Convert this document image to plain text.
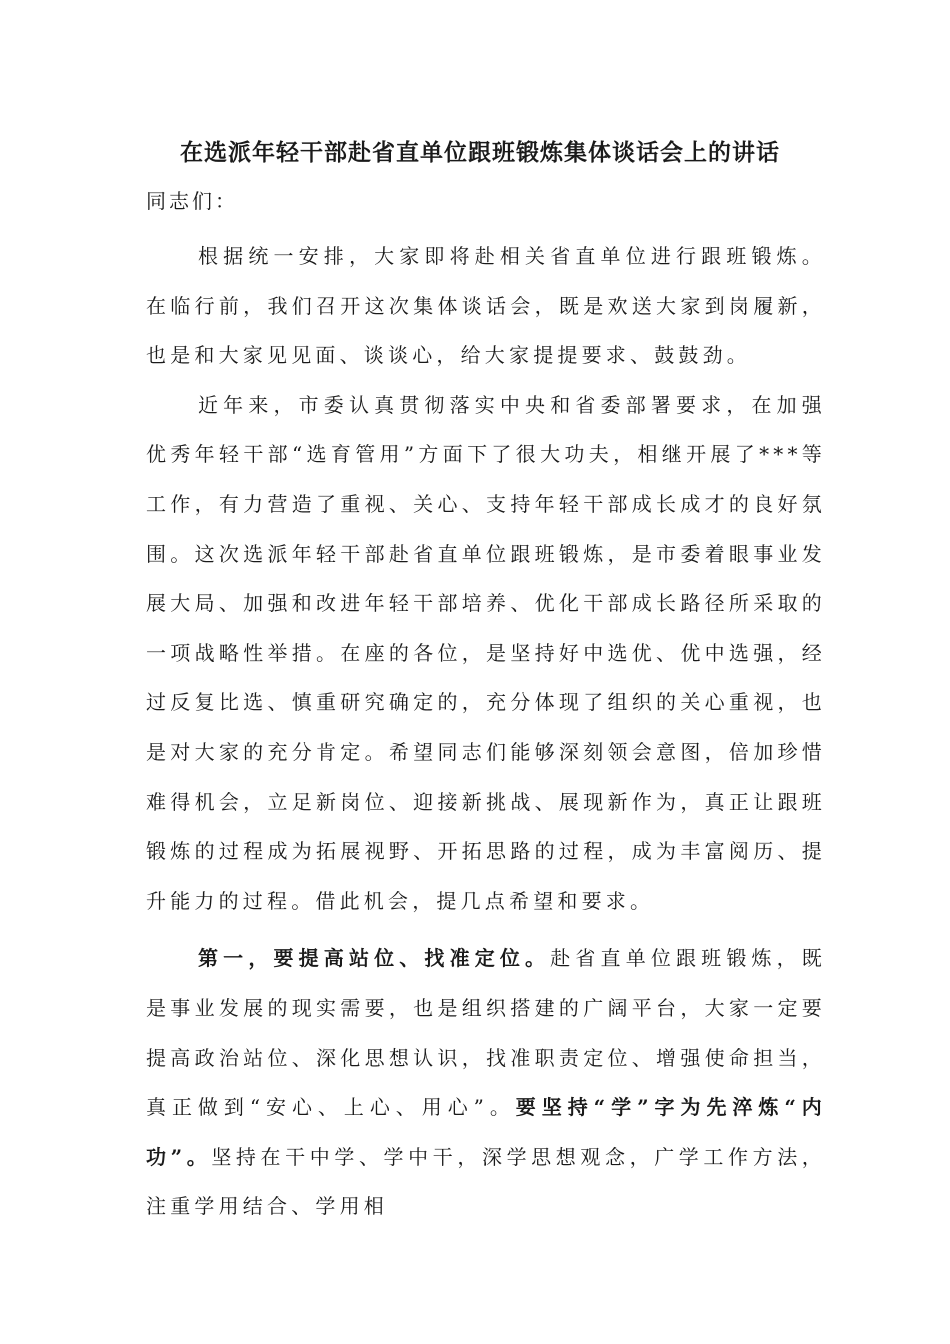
在选派年轻干部赴省直单位跟班锻炼集体谈话会上的讲话
同志们：

根据统一安排，大家即将赴相关省直单位进行跟班锻炼。在临行前，我们召开这次集体谈话会，既是欢送大家到岗履新，也是和大家见见面、谈谈心，给大家提提要求、鼓鼓劲。

近年来，市委认真贯彻落实中央和省委部署要求，在加强优秀年轻干部“选育管用”方面下了很大功夫，相继开展了***等工作，有力营造了重视、关心、支持年轻干部成长成才的良好氛围。这次选派年轻干部赴省直单位跟班锻炼，是市委着眼事业发展大局、加强和改进年轻干部培养、优化干部成长路径所采取的一项战略性举措。在座的各位，是坚持好中选优、优中选强，经过反复比选、慎重研究确定的，充分体现了组织的关心重视，也是对大家的充分肯定。希望同志们能够深刻领会意图，倍加珍惜难得机会，立足新岗位、迎接新挑战、展现新作为，真正让跟班锻炼的过程成为拓展视野、开拓思路的过程，成为丰富阅历、提升能力的过程。借此机会，提几点希望和要求。

第一，要提高站位、找准定位。赴省直单位跟班锻炼，既是事业发展的现实需要，也是组织搭建的广阔平台，大家一定要提高政治站位、深化思想认识，找准职责定位、增强使命担当，真正做到“安心、上心、用心”。要坚持“学”字为先淬炼“内功”。坚持在干中学、学中干，深学思想观念，广学工作方法，注重学用结合、学用相
